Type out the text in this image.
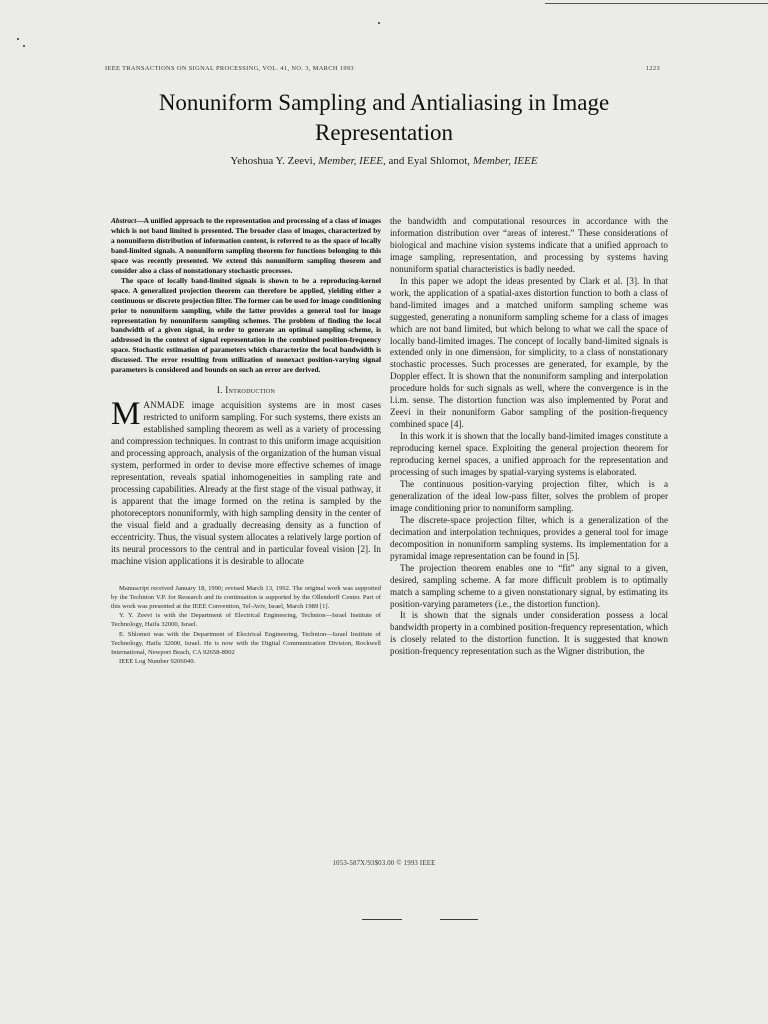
IEEE TRANSACTIONS ON SIGNAL PROCESSING, VOL. 41, NO. 3, MARCH 1993	1223
Nonuniform Sampling and Antialiasing in Image
Representation
Yehoshua Y. Zeevi, Member, IEEE, and Eyal Shlomot, Member, IEEE

Abstract—A unified approach to the representation and processing of a class of images which is not band limited is presented. The broader class of images, characterized by a nonuniform distribution of information content, is referred to as the space of locally band-limited signals. A nonuniform sampling theorem for functions belonging to this space was recently presented. We extend this nonuniform sampling theorem and consider also a class of nonstationary stochastic processes.

The space of locally band-limited signals is shown to be a reproducing-kernel space. A generalized projection theorem can therefore be applied, yielding either a continuous or discrete projection filter. The former can be used for image conditioning prior to nonuniform sampling, while the latter provides a general tool for image representation by nonuniform sampling schemes. The problem of finding the local bandwidth of a given signal, in order to generate an optimal sampling scheme, is addressed in the context of signal representation in the combined position-frequency space. Stochastic estimation of parameters which characterize the local bandwidth is discussed. The error resulting from utilization of nonexact position-varying signal parameters is considered and bounds on such an error are derived.

I. Introduction

MANMADE image acquisition systems are in most cases restricted to uniform sampling. For such systems, there exists an established sampling theorem as well as a variety of processing and compression techniques. In contrast to this uniform image acquisition and processing approach, analysis of the organization of the human visual system, performed in order to devise more effective schemes of image representation, reveals spatial inhomogeneities in sampling rate and processing capabilities. Already at the first stage of the visual pathway, it is apparent that the image formed on the retina is sampled by the photoreceptors nonuniformly, with high sampling density in the center of the visual field and a gradually decreasing density as a function of eccentricity. Thus, the visual system allocates a relatively large portion of its neural processors to the central and in particular foveal vision [2]. In machine vision applications it is desirable to allocate

Manuscript received January 18, 1990; revised March 13, 1992. The original work was supported by the Technion V.P. for Research and its continuation is supported by the Ollendorff Center. Part of this work was presented at the IEEE Convention, Tel-Aviv, Israel, March 1989 [1].

Y. Y. Zeevi is with the Department of Electrical Engineering, Technion—Israel Institute of Technology, Haifa 32000, Israel.

E. Shlomot was with the Department of Electrical Engineering, Technion—Israel Institute of Technology, Haifa 32000, Israel. He is now with the Digital Communication Division, Rockwell International, Newport Beach, CA 92658-8902

IEEE Log Number 9206040.

the bandwidth and computational resources in accordance with the information distribution over “areas of interest.” These considerations of biological and machine vision systems indicate that a unified approach to image sampling, representation, and processing by systems having nonuniform spatial characteristics is badly needed.

In this paper we adopt the ideas presented by Clark et al. [3]. In that work, the application of a spatial-axes distortion function to both a class of band-limited images and a matched uniform sampling scheme was suggested, generating a nonuniform sampling scheme for a class of images which are not band limited, but which belong to what we call the space of locally band-limited images. The concept of locally band-limited signals is extended only in one dimension, for simplicity, to a class of nonstationary stochastic processes. Such processes are generated, for example, by the Doppler effect. It is shown that the nonuniform sampling and interpolation procedure holds for such signals as well, where the convergence is in the l.i.m. sense. The distortion function was also implemented by Porat and Zeevi in their nonuniform Gabor sampling of the position-frequency combined space [4].

In this work it is shown that the locally band-limited images constitute a reproducing kernel space. Exploiting the general projection theorem for reproducing kernel spaces, a unified approach for the representation and processing of such images by spatial-varying systems is elaborated.

The continuous position-varying projection filter, which is a generalization of the ideal low-pass filter, solves the problem of proper image conditioning prior to nonuniform sampling.

The discrete-space projection filter, which is a generalization of the decimation and interpolation techniques, provides a general tool for image decomposition in nonuniform sampling systems. Its implementation for a pyramidal image representation can be found in [5].

The projection theorem enables one to “fit” any signal to a given, desired, sampling scheme. A far more difficult problem is to optimally match a sampling scheme to a given nonstationary signal, by estimating its position-varying parameters (i.e., the distortion function).

It is shown that the signals under consideration possess a local bandwidth property in a combined position-frequency representation, which is closely related to the distortion function. It is suggested that known position-frequency representation such as the Wigner distribution, the

1053-587X/93$03.00 © 1993 IEEE
